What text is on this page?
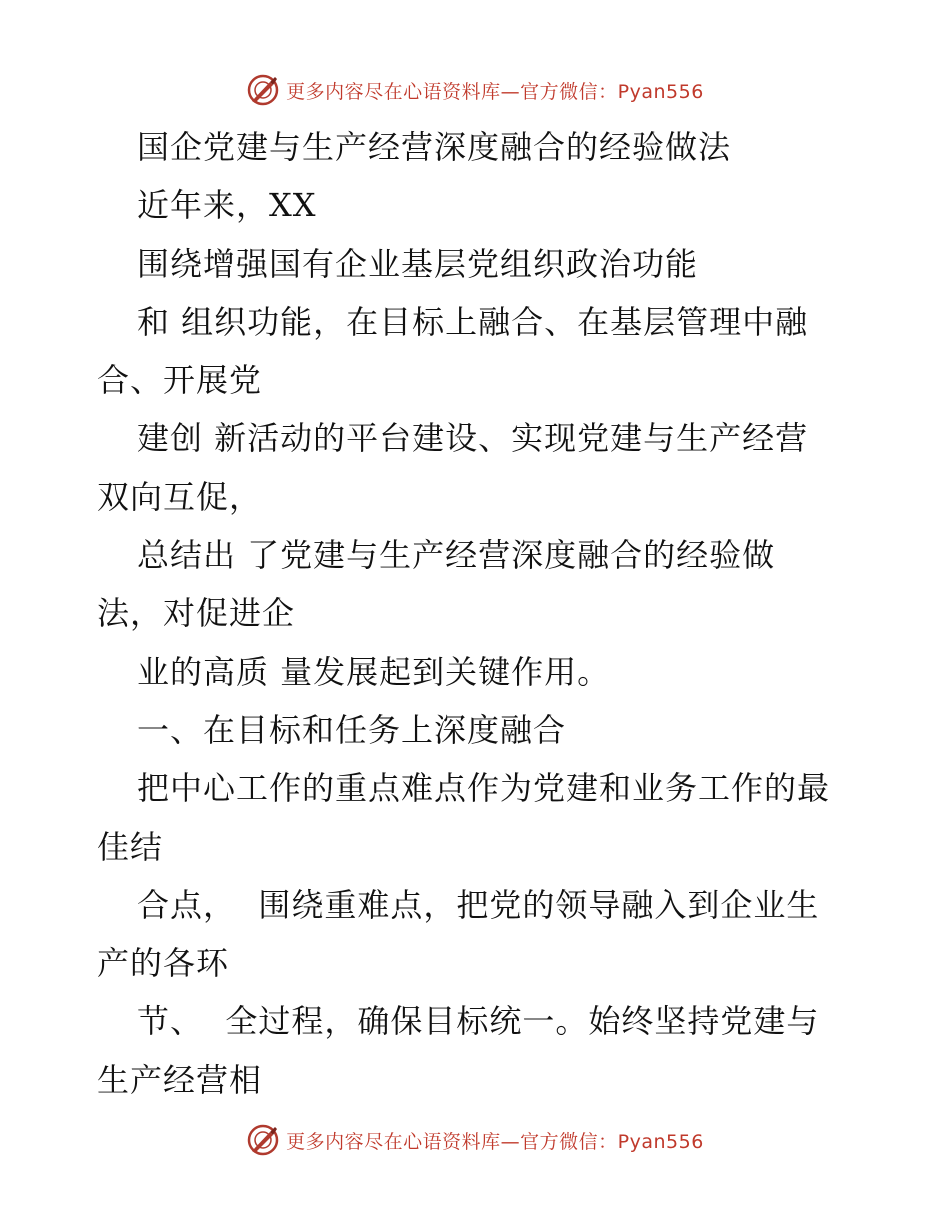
更多内容尽在心语资料库—官方微信：Pyan556
国企党建与生产经营深度融合的经验做法
近年来，XX
围绕增强国有企业基层党组织政治功能
和 组织功能，在目标上融合、在基层管理中融
合、开展党
建创 新活动的平台建设、实现党建与生产经营
双向互促，
总结出 了党建与生产经营深度融合的经验做
法，对促进企
业的高质 量发展起到关键作用。
一、在目标和任务上深度融合
把中心工作的重点难点作为党建和业务工作的最
佳结
合点，  围绕重难点，把党的领导融入到企业生
产的各环
节、  全过程，确保目标统一。始终坚持党建与
生产经营相
更多内容尽在心语资料库—官方微信：Pyan556
